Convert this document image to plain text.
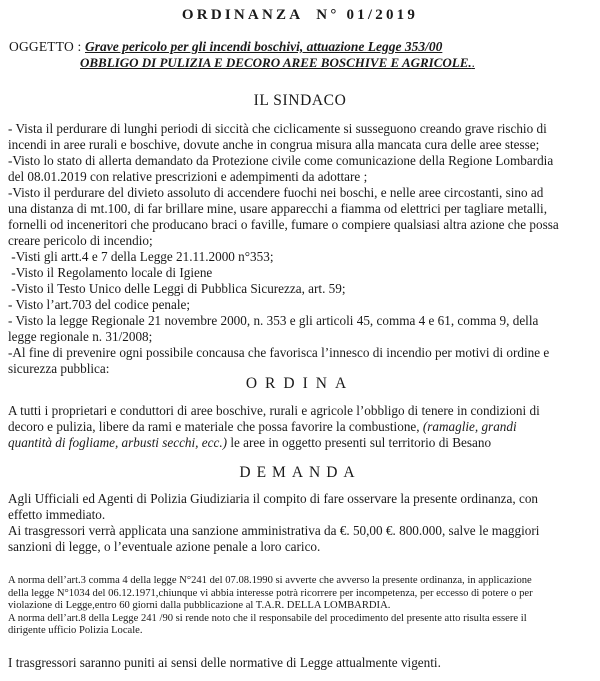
ORDINANZA  N° 01/2019
OGGETTO : Grave pericolo per gli incendi boschivi, attuazione Legge 353/00
OBBLIGO DI PULIZIA E DECORO AREE BOSCHIVE E AGRICOLE..
IL SINDACO
- Vista il perdurare di lunghi periodi di siccità che ciclicamente si susseguono creando grave rischio di
incendi in aree rurali e boschive, dovute anche in congrua misura alla mancata cura delle aree stesse;
-Visto lo stato di allerta demandato da Protezione civile come comunicazione della Regione Lombardia
del 08.01.2019 con relative prescrizioni e adempimenti da adottare ;
-Visto il perdurare del divieto assoluto di accendere fuochi nei boschi, e nelle aree circostanti, sino ad
una distanza di mt.100, di far brillare mine, usare apparecchi a fiamma od elettrici per tagliare metalli,
fornelli od inceneritori che producano braci o faville, fumare o compiere qualsiasi altra azione che possa
creare pericolo di incendio;
-Visti gli artt.4 e 7 della Legge 21.11.2000 n°353;
-Visto il Regolamento locale di Igiene
-Visto il Testo Unico delle Leggi di Pubblica Sicurezza, art. 59;
- Visto l’art.703 del codice penale;
- Visto la legge Regionale 21 novembre 2000, n. 353 e gli articoli 45, comma 4 e 61, comma 9, della
legge regionale n. 31/2008;
-Al fine di prevenire ogni possibile concausa che favorisca l’innesco di incendio per motivi di ordine e
sicurezza pubblica:
ORDINA
A tutti i proprietari e conduttori di aree boschive, rurali e agricole l’obbligo di tenere in condizioni di
decoro e pulizia, libere da rami e materiale che possa favorire la combustione, (ramaglie, grandi
quantità di fogliame, arbusti secchi, ecc.) le aree in oggetto presenti sul territorio di Besano
DEMANDA
Agli Ufficiali ed Agenti di Polizia Giudiziaria il compito di fare osservare la presente ordinanza, con
effetto immediato.
Ai trasgressori verrà applicata una sanzione amministrativa da €. 50,00 €. 800.000, salve le maggiori
sanzioni di legge, o l’eventuale azione penale a loro carico.
A norma dell’art.3 comma 4 della legge N°241 del 07.08.1990 si avverte che avverso la presente ordinanza, in applicazione
della legge N°1034 del 06.12.1971,chiunque vi abbia interesse potrà ricorrere per incompetenza, per eccesso di potere o per
violazione di Legge,entro 60 giorni dalla pubblicazione al T.A.R. DELLA LOMBARDIA.
A norma dell’art.8 della Legge 241 /90 si rende noto che il responsabile del procedimento del presente atto risulta essere il
dirigente ufficio Polizia Locale.
I trasgressori saranno puniti ai sensi delle normative di Legge attualmente vigenti.
